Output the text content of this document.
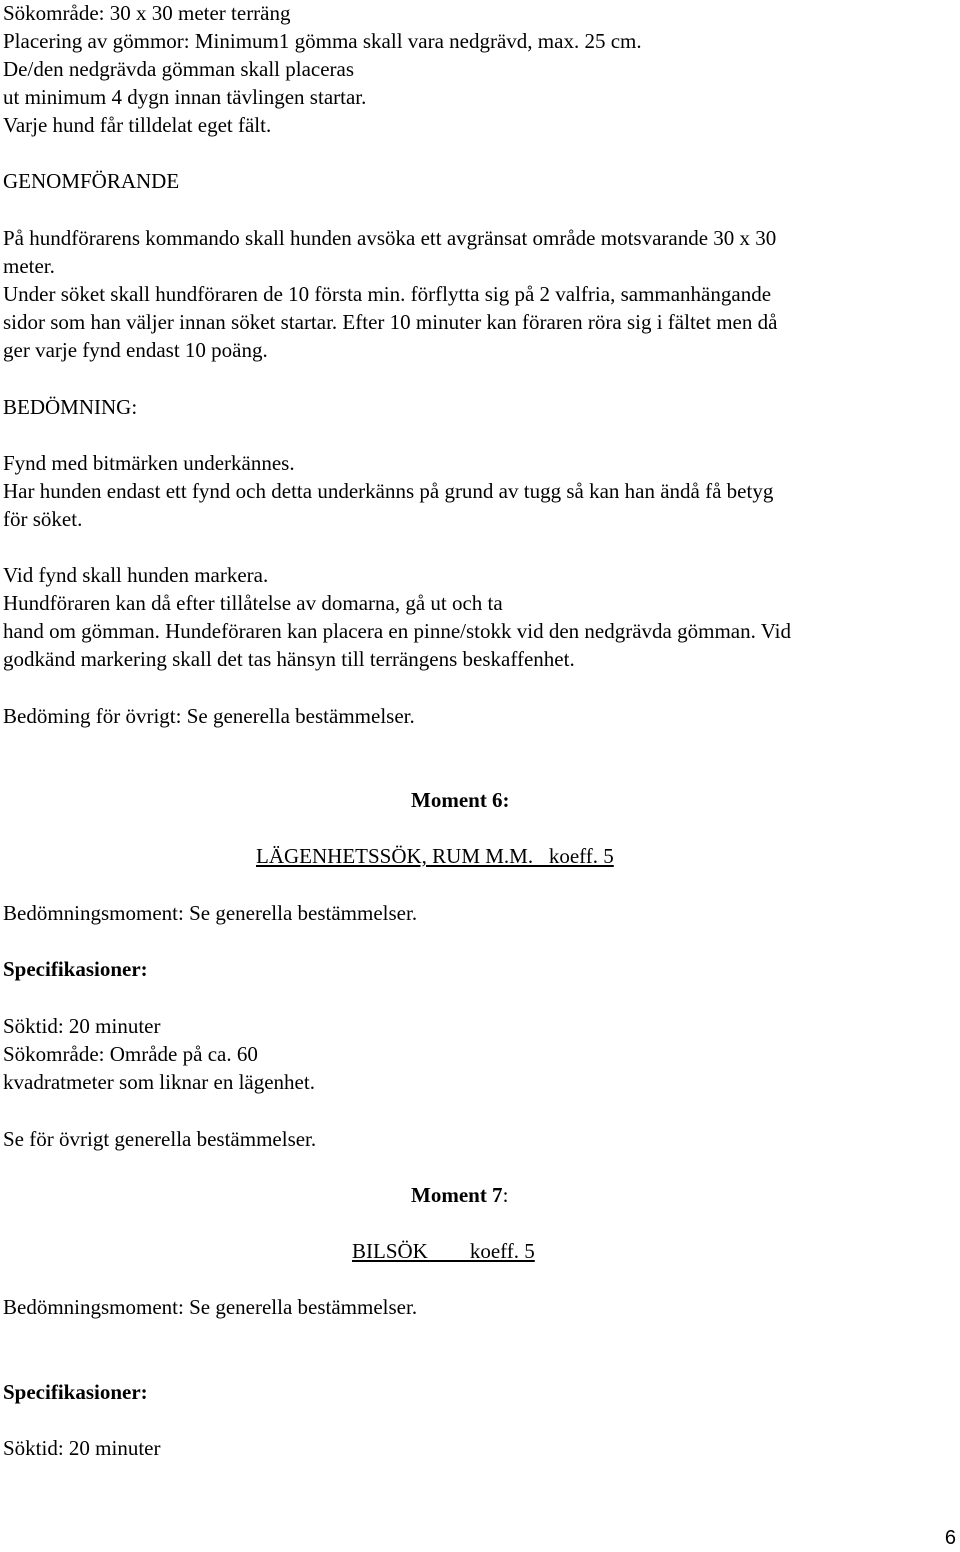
Sökområde: 30 x 30 meter terräng
Placering av gömmor: Minimum1 gömma skall vara nedgrävd, max. 25 cm.
De/den nedgrävda gömman skall placeras
ut minimum 4 dygn innan tävlingen startar.
Varje hund får tilldelat eget fält.
GENOMFÖRANDE
På hundförarens kommando skall hunden avsöka ett avgränsat område motsvarande 30 x 30
meter.
Under söket skall hundföraren de 10 första min. förflytta sig på 2 valfria, sammanhängande
sidor som han väljer innan söket startar. Efter 10 minuter kan föraren röra sig i fältet men då
ger varje fynd endast 10 poäng.
BEDÖMNING:
Fynd med bitmärken underkännes.
Har hunden endast ett fynd och detta underkänns på grund av tugg så kan han ändå få betyg
för söket.
Vid fynd skall hunden markera.
Hundföraren kan då efter tillåtelse av domarna, gå ut och ta
hand om gömman. Hundeföraren kan placera en pinne/stokk vid den nedgrävda gömman. Vid
godkänd markering skall det tas hänsyn till terrängens beskaffenhet.
Bedöming för övrigt: Se generella bestämmelser.
Moment 6:
LÄGENHETSSÖK, RUM M.M.   koeff. 5
Bedömningsmoment: Se generella bestämmelser.
Specifikasioner:
Söktid: 20 minuter
Sökområde: Område på ca. 60
kvadratmeter som liknar en lägenhet.
Se för övrigt generella bestämmelser.
Moment 7:
BILSÖK        koeff. 5
Bedömningsmoment: Se generella bestämmelser.
Specifikasioner:
Söktid: 20 minuter
6
